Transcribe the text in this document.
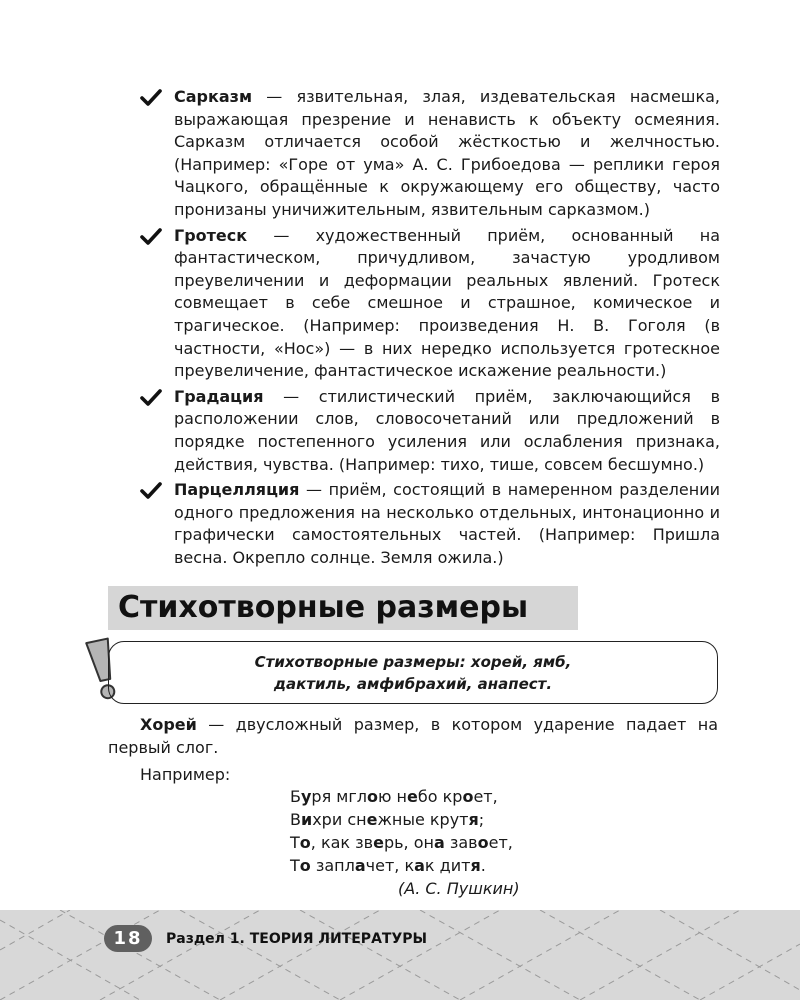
Сарказм — язвительная, злая, издевательская насмешка, выражающая презрение и ненависть к объекту осмеяния. Сарказм отличается особой жёсткостью и желчностью. (Например: «Горе от ума» А. С. Грибоедова — реплики героя Чацкого, обращённые к окружающему его обществу, часто пронизаны уничижительным, язвительным сарказмом.)
Гротеск — художественный приём, основанный на фантастическом, причудливом, зачастую уродливом преувеличении и деформации реальных явлений. Гротеск совмещает в себе смешное и страшное, комическое и трагическое. (Например: произведения Н. В. Гоголя (в частности, «Нос») — в них нередко используется гротескное преувеличение, фантастическое искажение реальности.)
Градация — стилистический приём, заключающийся в расположении слов, словосочетаний или предложений в порядке постепенного усиления или ослабления признака, действия, чувства. (Например: тихо, тише, совсем бесшумно.)
Парцелляция — приём, состоящий в намеренном разделении одного предложения на несколько отдельных, интонационно и графически самостоятельных частей. (Например: Пришла весна. Окрепло солнце. Земля ожила.)
Стихотворные размеры
Стихотворные размеры: хорей, ямб,
дактиль, амфибрахий, анапест.
Хорей — двусложный размер, в котором ударение падает на первый слог.
Например:
Буря мглою небо кроет,
Вихри снежные крутя;
То, как зверь, она завоет,
То заплачет, как дитя.
(А. С. Пушкин)
18	Раздел 1. ТЕОРИЯ ЛИТЕРАТУРЫ
